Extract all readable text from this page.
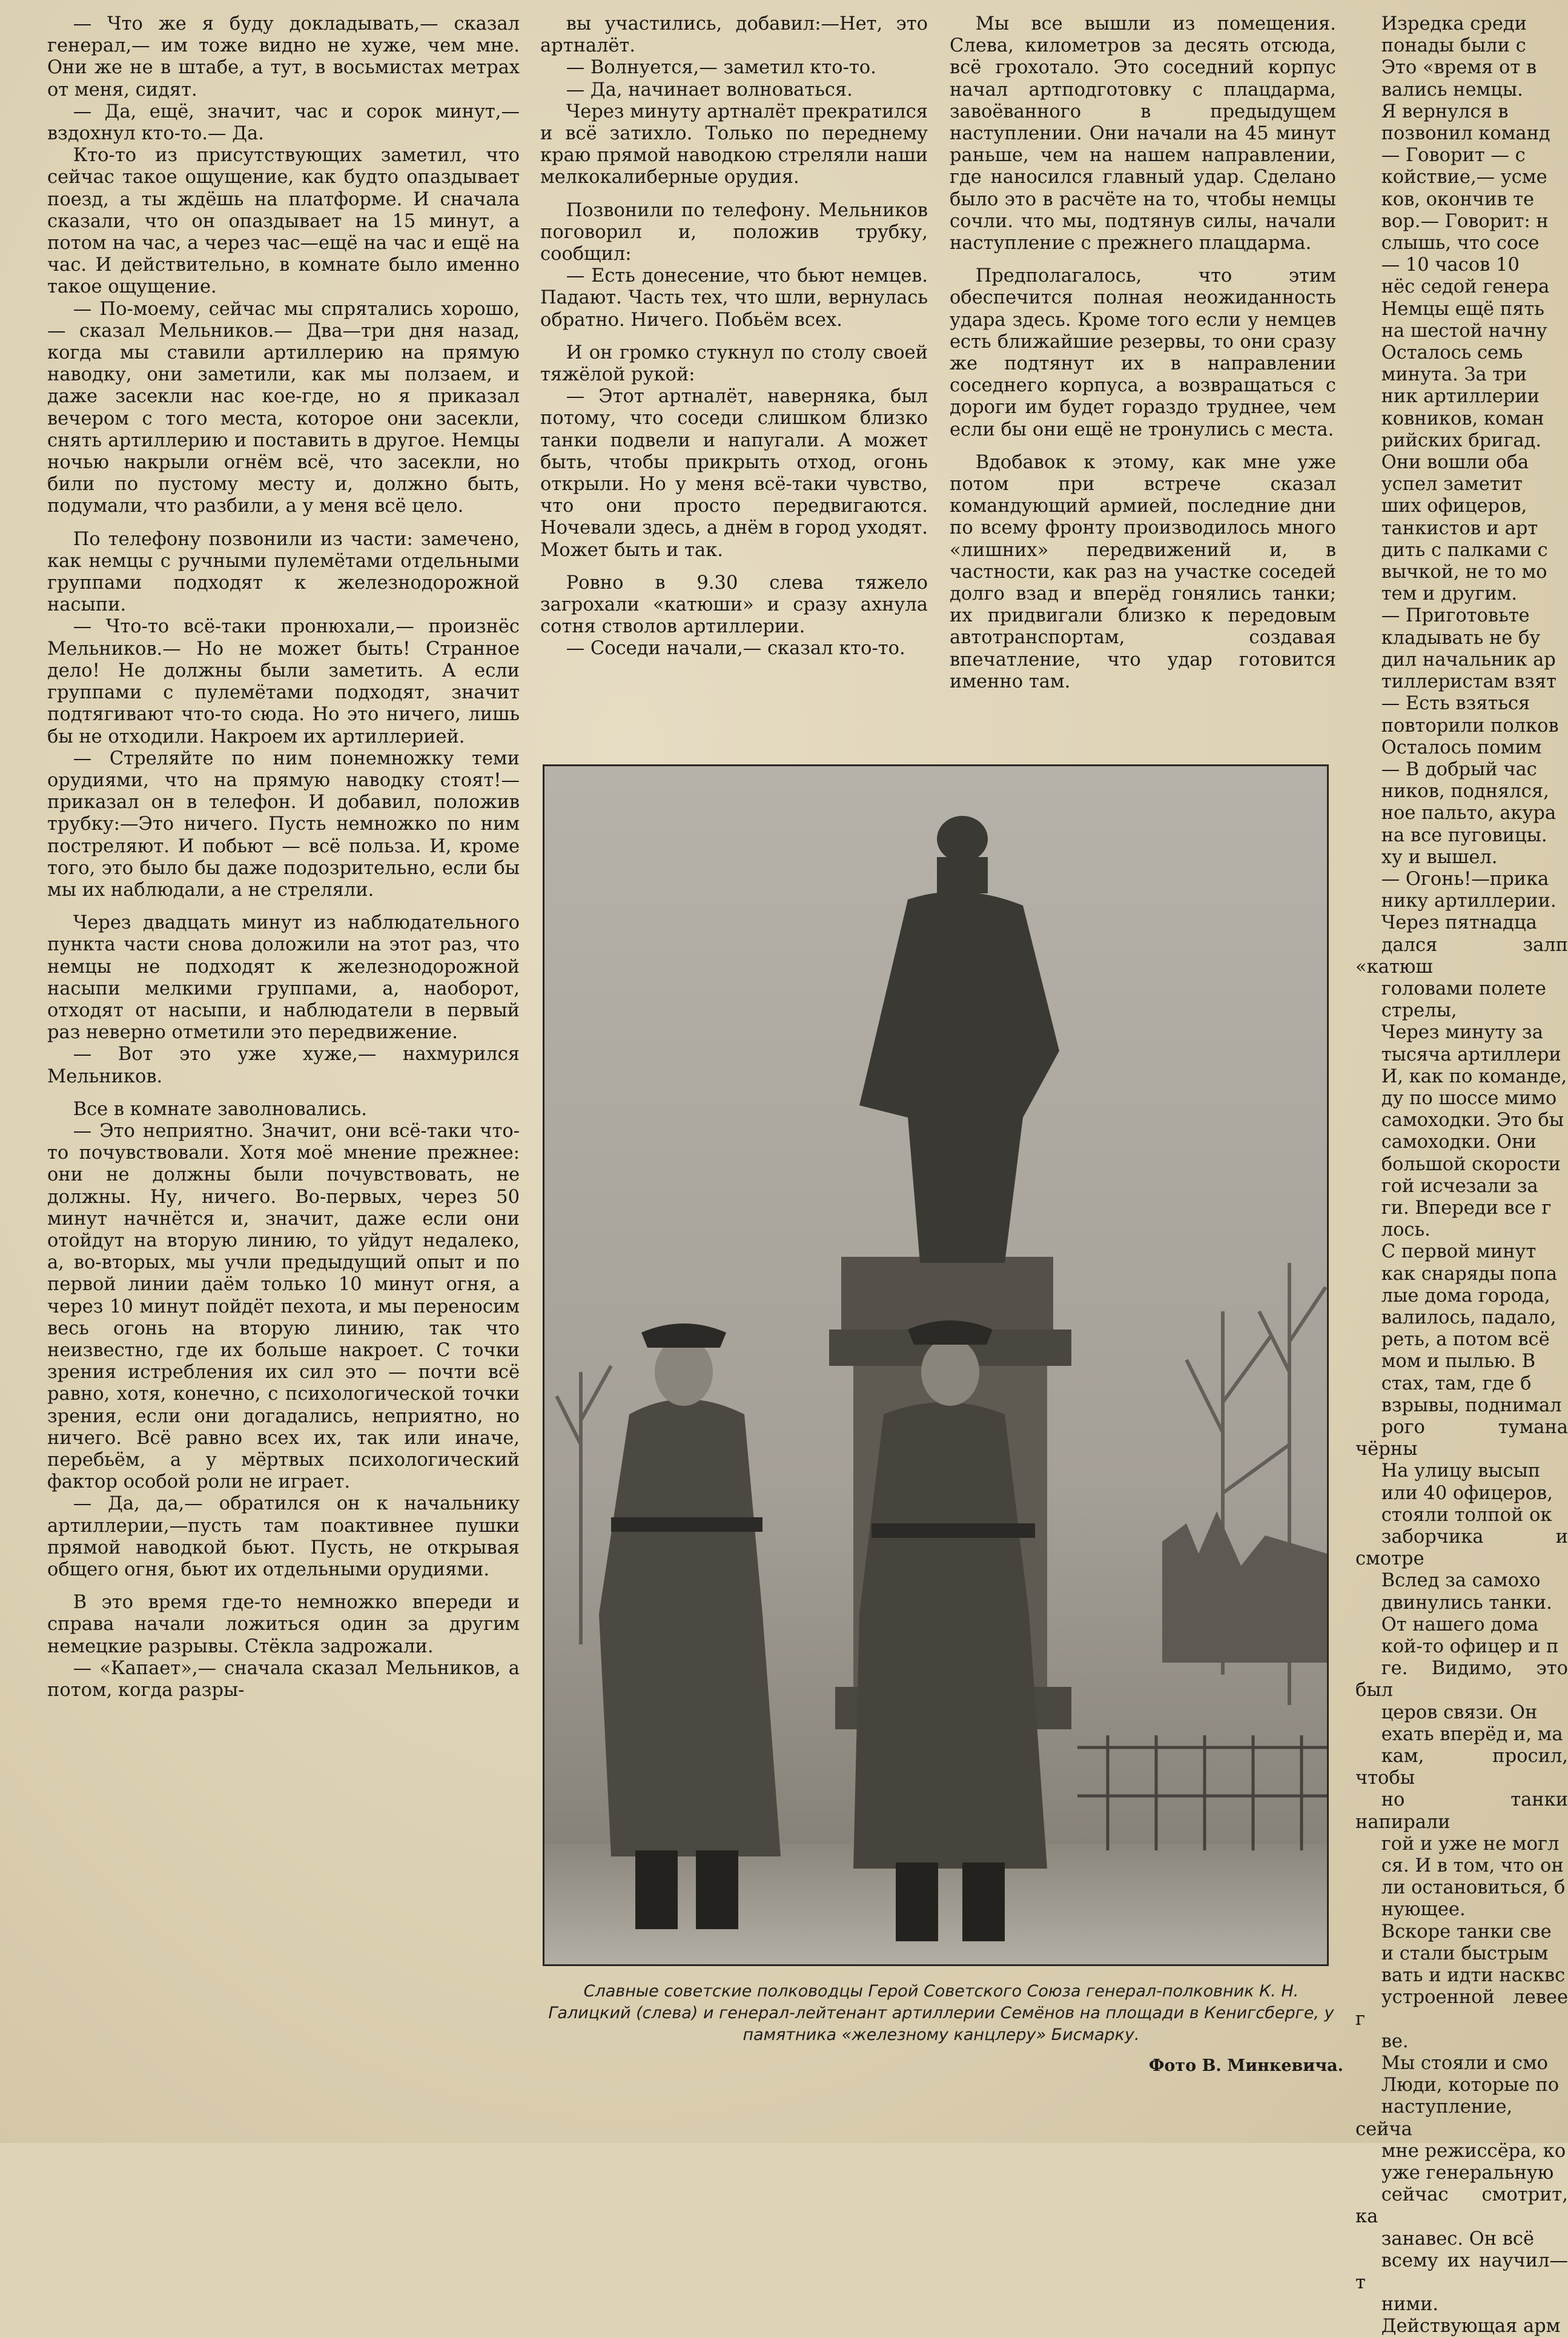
— Что же я буду докладывать,— сказал генерал,— им тоже видно не хуже, чем мне. Они же не в штабе, а тут, в восьмистах метрах от меня, сидят.

— Да, ещё, значит, час и сорок минут,— вздохнул кто-то.— Да.

Кто-то из присутствующих заметил, что сейчас такое ощущение, как будто опаздывает поезд, а ты ждёшь на платформе. И сначала сказали, что он опаздывает на 15 минут, а потом на час, а через час—ещё на час и ещё на час. И действительно, в комнате было именно такое ощущение.

— По-моему, сейчас мы спрятались хорошо,— сказал Мельников.— Два—три дня назад, когда мы ставили артиллерию на прямую наводку, они заметили, как мы ползаем, и даже засекли нас кое-где, но я приказал вечером с того места, которое они засекли, снять артиллерию и поставить в другое. Немцы ночью накрыли огнём всё, что засекли, но били по пустому месту и, должно быть, подумали, что разбили, а у меня всё цело.

По телефону позвонили из части: замечено, как немцы с ручными пулемётами отдельными группами подходят к железнодорожной насыпи.

— Что-то всё-таки пронюхали,— произнёс Мельников.— Но не может быть! Странное дело! Не должны были заметить. А если группами с пулемётами подходят, значит подтягивают что-то сюда. Но это ничего, лишь бы не отходили. Накроем их артиллерией.

— Стреляйте по ним понемножку теми орудиями, что на прямую наводку стоят!—приказал он в телефон. И добавил, положив трубку:—Это ничего. Пусть немножко по ним постреляют. И побьют — всё польза. И, кроме того, это было бы даже подозрительно, если бы мы их наблюдали, а не стреляли.

Через двадцать минут из наблюдательного пункта части снова доложили на этот раз, что немцы не подходят к железнодорожной насыпи мелкими группами, а, наоборот, отходят от насыпи, и наблюдатели в первый раз неверно отметили это передвижение.

— Вот это уже хуже,— нахмурился Мельников.

Все в комнате заволновались.

— Это неприятно. Значит, они всё-таки что-то почувствовали. Хотя моё мнение прежнее: они не должны были почувствовать, не должны. Ну, ничего. Во-первых, через 50 минут начнётся и, значит, даже если они отойдут на вторую линию, то уйдут недалеко, а, во-вторых, мы учли предыдущий опыт и по первой линии даём только 10 минут огня, а через 10 минут пойдёт пехота, и мы переносим весь огонь на вторую линию, так что неизвестно, где их больше накроет. С точки зрения истребления их сил это — почти всё равно, хотя, конечно, с психологической точки зрения, если они догадались, неприятно, но ничего. Всё равно всех их, так или иначе, перебьём, а у мёртвых психологический фактор особой роли не играет.

— Да, да,— обратился он к начальнику артиллерии,—пусть там поактивнее пушки прямой наводкой бьют. Пусть, не открывая общего огня, бьют их отдельными орудиями.

В это время где-то немножко впереди и справа начали ложиться один за другим немецкие разрывы. Стёкла задрожали.

— «Капает»,— сначала сказал Мельников, а потом, когда разры-

вы участились, добавил:—Нет, это артналёт.

— Волнуется,— заметил кто-то.

— Да, начинает волноваться.

Через минуту артналёт прекратился и всё затихло. Только по переднему краю прямой наводкою стреляли наши мелкокалиберные орудия.

Позвонили по телефону. Мельников поговорил и, положив трубку, сообщил:

— Есть донесение, что бьют немцев. Падают. Часть тех, что шли, вернулась обратно. Ничего. Побьём всех.

И он громко стукнул по столу своей тяжёлой рукой:

— Этот артналёт, наверняка, был потому, что соседи слишком близко танки подвели и напугали. А может быть, чтобы прикрыть отход, огонь открыли. Но у меня всё-таки чувство, что они просто передвигаются. Ночевали здесь, а днём в город уходят. Может быть и так.

Ровно в 9.30 слева тяжело загрохали «катюши» и сразу ахнула сотня стволов артиллерии.

— Соседи начали,— сказал кто-то.

Мы все вышли из помещения. Слева, километров за десять отсюда, всё грохотало. Это соседний корпус начал артподготовку с плацдарма, завоёванного в предыдущем наступлении. Они начали на 45 минут раньше, чем на нашем направлении, где наносился главный удар. Сделано было это в расчёте на то, чтобы немцы сочли. что мы, подтянув силы, начали наступление с прежнего плацдарма.

Предполагалось, что этим обеспечится полная неожиданность удара здесь. Кроме того если у немцев есть ближайшие резервы, то они сразу же подтянут их в направлении соседнего корпуса, а возвращаться с дороги им будет гораздо труднее, чем если бы они ещё не тронулись с места.

Вдобавок к этому, как мне уже потом при встрече сказал командующий армией, последние дни по всему фронту производилось много «лишних» передвижений и, в частности, как раз на участке соседей долго взад и вперёд гонялись танки; их придвигали близко к передовым автотранспортам, создавая впечатление, что удар готовится именно там.

Изредка среди

понады были с

Это «время от в

вались немцы.

Я вернулся в

позвонил команд

— Говорит — с

койствие,— усме

ков, окончив те

вор.— Говорит: н

слышь, что сосе

— 10 часов 10

нёс седой генера

Немцы ещё пять

на шестой начну

Осталось семь

минута. За три

ник артиллерии

ковников, коман

рийских бригад.

Они вошли оба

успел заметит

ших офицеров,

танкистов и арт

дить с палками с

вычкой, не то мо

тем и другим.

— Приготовьте

кладывать не бу

дил начальник ар

тиллеристам взят

— Есть взяться

повторили полков

Осталось помим

— В добрый час

ников, поднялся,

ное пальто, акура

на все пуговицы.

ху и вышел.

— Огонь!—прика

нику артиллерии.

Через пятнадца

дался залп «катюш

головами полете

стрелы,

Через минуту за

тысяча артиллери

И, как по команде,

ду по шоссе мимо

самоходки. Это бы

самоходки. Они

большой скорости

гой исчезали за

ги. Впереди все г

лось.

С первой минут

как снаряды попа

лые дома города,

валилось, падало,

реть, а потом всё

мом и пылью. В

стах, там, где б

взрывы, поднимал

рого тумана чёрны

На улицу высып

или 40 офицеров,

стояли толпой ок

заборчика и смотре

Вслед за самохо

двинулись танки.

От нашего дома

кой-то офицер и п

ге. Видимо, это был

церов связи. Он

ехать вперёд и, ма

кам, просил, чтобы

но танки напирали

гой и уже не могл

ся. И в том, что он

ли остановиться, б

нующее.

Вскоре танки све

и стали быстрым

вать и идти насквс

устроенной левее г

ве.

Мы стояли и смо

Люди, которые по

наступление, сейча

мне режиссёра, ко

уже генеральную

сейчас смотрит, ка

занавес. Он всё

всему их научил—т

ними.

Действующая арм

Славные советские полководцы Герой Советского Союза генерал-полковник К. Н. Галицкий (слева) и генерал-лейтенант артиллерии Семёнов на площади в Кенигсберге, у памятника «железному канцлеру» Бисмарку.
Фото В. Минкевича.
